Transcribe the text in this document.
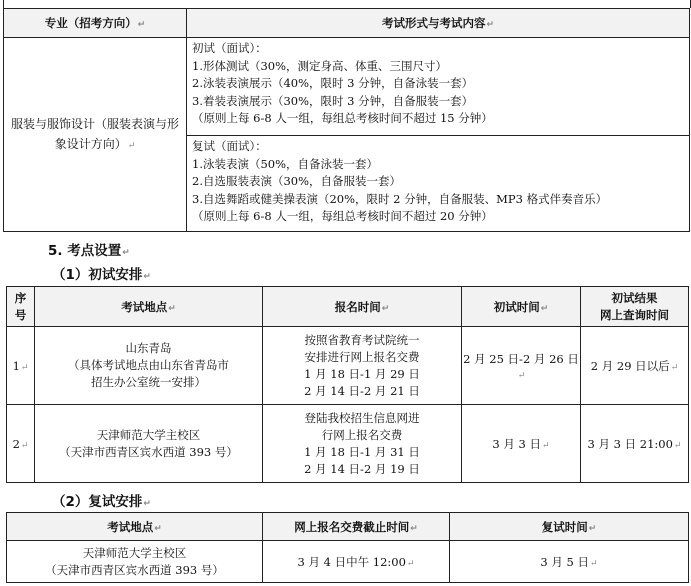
专业（招考方向）↵	考试形式与考试内容↵
服装与服饰设计（服装表演与形象设计方向）↵	初试（面试）：
1.形体测试（30%，测定身高、体重、三围尺寸）
2.泳装表演展示（40%，限时 3 分钟，自备泳装一套）
3.着装表演展示（30%，限时 3 分钟，自备服装一套）
（原则上每 6-8 人一组，每组总考核时间不超过 15 分钟）

	复试（面试）：
1.泳装表演（50%，自备泳装一套）
2.自选服装表演（30%，自备服装一套）
3.自选舞蹈或健美操表演（20%，限时 2 分钟，自备服装、MP3 格式伴奏音乐）
（原则上每 6-8 人一组，每组总考核时间不超过 20 分钟）
5. 考点设置↵
（1）初试安排↵
序
号	考试地点↵	报名时间↵	初试时间↵	初试结果
网上查询时间

1↵	山东青岛
（具体考试地点由山东省青岛市
招生办公室统一安排）	按照省教育考试院统一
安排进行网上报名交费
1 月 18 日-1 月 29 日
2 月 14 日-2 月 21 日	2 月 25 日-2 月 26 日↵	2 月 29 日以后↵
2↵	天津师范大学主校区
（天津市西青区宾水西道 393 号）	登陆我校招生信息网进
行网上报名交费
1 月 18 日-1 月 31 日
2 月 14 日-2 月 19 日	3 月 3 日↵	3 月 3 日 21:00↵
（2）复试安排↵
考试地点↵	网上报名交费截止时间↵	复试时间↵

天津师范大学主校区
（天津市西青区宾水西道 393 号）	3 月 4 日中午 12:00↵	3 月 5 日↵
